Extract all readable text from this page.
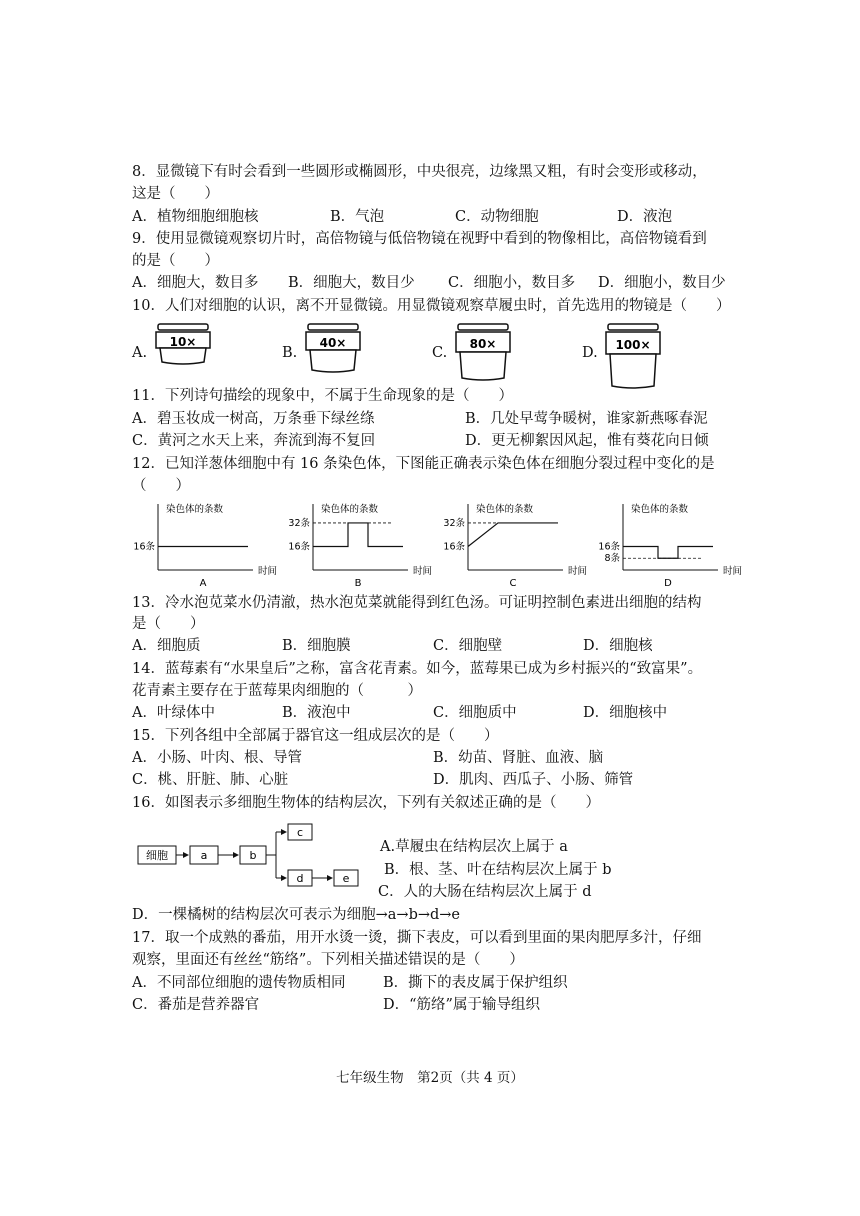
8．显微镜下有时会看到一些圆形或椭圆形，中央很亮，边缘黑又粗，有时会变形或移动，
这是（　　）
A．植物细胞细胞核	B．气泡	C．动物细胞	D．液泡
9．使用显微镜观察切片时，高倍物镜与低倍物镜在视野中看到的物像相比，高倍物镜看到
的是（　　）
A．细胞大，数目多 B．细胞大，数目少 C．细胞小，数目多 D．细胞小，数目少
10．人们对细胞的认识，离不开显微镜。用显微镜观察草履虫时，首先选用的物镜是（　　）
A.
10×
B.
40×
C.
80×
D. 100×
11．下列诗句描绘的现象中，不属于生命现象的是（　　）
A．碧玉妆成一树高，万条垂下绿丝绦	B．几处早莺争暖树，谁家新燕啄春泥
C．黄河之水天上来，奔流到海不复回	D．更无柳絮因风起，惟有葵花向日倾
12．已知洋葱体细胞中有 16 条染色体，下图能正确表示染色体在细胞分裂过程中变化的是
（　　）
染色体的条数
时间
A
16条
染色体的条数
时间
B
32条
16条
染色体的条数
时间
C
32条
16条
染色体的条数
时间
D
16条
8条
13．冷水泡苋菜水仍清澈，热水泡苋菜就能得到红色汤。可证明控制色素进出细胞的结构
是（　　）
A．细胞质	B．细胞膜	C．细胞壁	D．细胞核
14．蓝莓素有“水果皇后”之称，富含花青素。如今，蓝莓果已成为乡村振兴的“致富果”。
花青素主要存在于蓝莓果肉细胞的（　　　）
A．叶绿体中	B．液泡中	C．细胞质中	D．细胞核中
15．下列各组中全部属于器官这一组成层次的是（　　）
A．小肠、叶肉、根、导管	B．幼苗、肾脏、血液、脑
C．桃、肝脏、肺、心脏	D．肌肉、西瓜子、小肠、筛管
16．如图表示多细胞生物体的结构层次，下列有关叙述正确的是（　　）
细胞	a	b
c
d	e
A.草履虫在结构层次上属于 a
B．根、茎、叶在结构层次上属于 b
C．人的大肠在结构层次上属于 d
D．一棵橘树的结构层次可表示为细胞→a→b→d→e
17．取一个成熟的番茄，用开水烫一烫，撕下表皮，可以看到里面的果肉肥厚多汁，仔细
观察，里面还有丝丝“筋络”。下列相关描述错误的是（　　）
A．不同部位细胞的遗传物质相同	B．撕下的表皮属于保护组织
C．番茄是营养器官	D．“筋络”属于输导组织
七年级生物　第2页（共 4 页）
